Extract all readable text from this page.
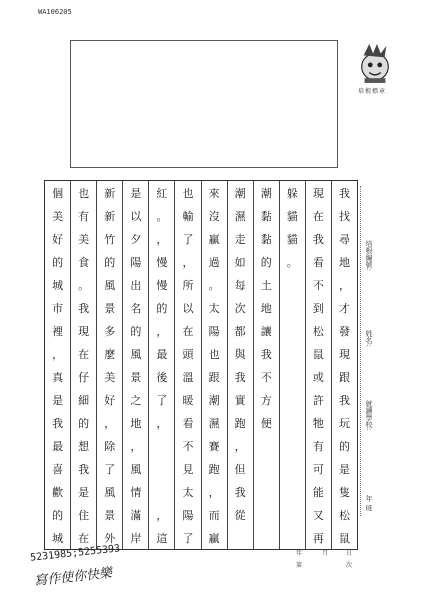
WA106205
培根標章
我
找
尋
地
，
才
發
現
跟
我
玩
的
是
隻
松
鼠
現
在
我
看
不
到
松
鼠
或
許
牠
有
可
能
又
再
躲
貓
貓
。
潮
黏
黏
的
土
地
讓
我
不
方
便
潮
濕
走
如
每
次
都
與
我
實
跑
，
但
我
從
來
沒
贏
過
。
太
陽
也
跟
潮
濕
賽
跑
，
而
贏
也
輸
了
，
所
以
在
頭
溫
暖
看
不
見
太
陽
了
紅
。
，
慢
慢
的
，
最
後
了
，
，
這
是
以
夕
陽
出
名
的
風
景
之
地
，
風
情
滿
岸
新
新
竹
的
風
景
多
麼
美
好
，
除
了
風
景
外
也
有
美
食
。
我
現
在
仔
細
的
想
我
是
住
在
個
美
好
的
城
市
裡
，
真
是
我
最
喜
歡
的
城
培根編號:
姓名:
就讀學校:
年 班
年	月	日
第	次
5231985;5255393
寫作使你快樂
